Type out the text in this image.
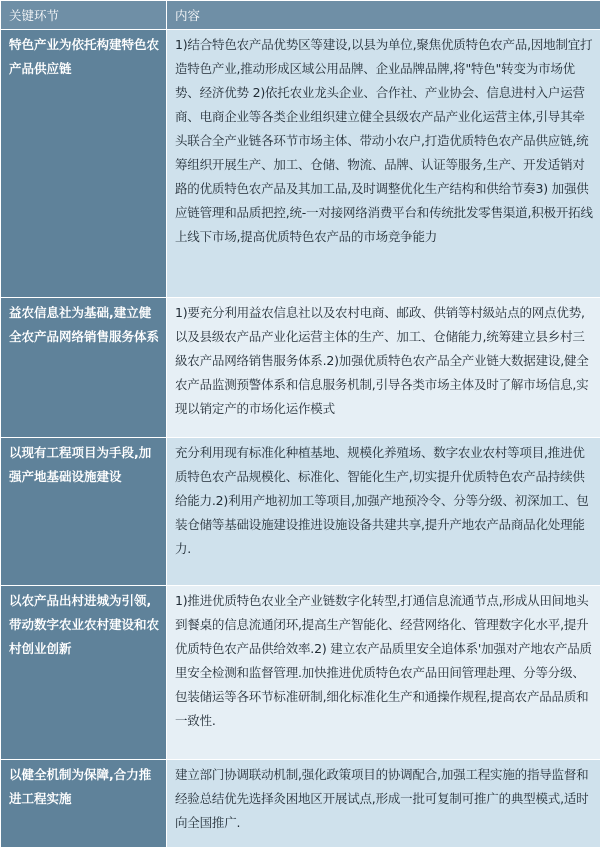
关键环节	内容
特色产业为依托构建特色农产品供应链	1)结合特色农产品优势区等建设,以县为单位,聚焦优质特色农产品,因地制宜打造特色产业,推动形成区域公用品牌、企业品牌品牌,将"特色"转变为市场优势、经济优势 2)依托农业龙头企业、合作社、产业协会、信息进村入户运营商、电商企业等各类企业组织建立健全县级农产品产业化运营主体,引导其牵头联合全产业链各环节市场主体、带动小农户,打造优质特色农产品供应链,统筹组织开展生产、加工、仓储、物流、品牌、认证等服务,生产、开发适销对路的优质特色农产品及其加工品,及时调整优化生产结构和供给节奏3) 加强供应链管理和品质把控,统-一对接网络消费平台和传统批发零售渠道,积极开拓线上线下市场,提高优质特色农产品的市场竞争能力
益农信息社为基础,建立健全农产品网络销售服务体系	1)要充分利用益农信息社以及农村电商、邮政、供销等村級站点的网点优势,以及县级农产品产业化运营主体的生产、加工、仓储能力,统筹建立县乡村三級农产品网络销售服务体系.2)加强优质特色农产品全产业链大数据建设,健全农产品监测预警体系和信息服务机制,引导各类市场主体及时了解市场信息,实现以销定产的市场化运作模式
以现有工程项目为手段,加强产地基础设施建设	充分利用现有标准化种植基地、规模化养殖场、数字农业农村等项目,推进优质特色农产品规模化、标准化、智能化生产,切实提升优质特色农产品持续供给能力.2)利用产地初加工等项目,加强产地预冷令、分等分级、初深加工、包装仓储等基础设施建设推进设施设备共建共享,提升产地农产品商品化处理能力.
以农产品出村进城为引领,带动数字农业农村建设和农村创业创新	1)推进优质特色农业全产业链数字化转型,打通信息流通节点,形成从田间地头到餐桌的信息流通闭环,提高生产智能化、经营网络化、管理数字化水平,提升优质特色农产品供给效率.2) 建立农产品质里安全追体系'加强对产地农产品质里安全检测和监督管理.加快推进优质特色农产品田间管理赴理、分等分级、包装储运等各环节标准研制,细化标准化生产和通操作规程,提高农产品品质和一致性.
以健全机制为保障,合力推进工程实施	建立部门协调联动机制,强化政策项目的协调配合,加强工程实施的指导监督和经验总结优先选择灸困地区开展试点,形成一批可复制可推广的典型模式,适时向全国推广.
